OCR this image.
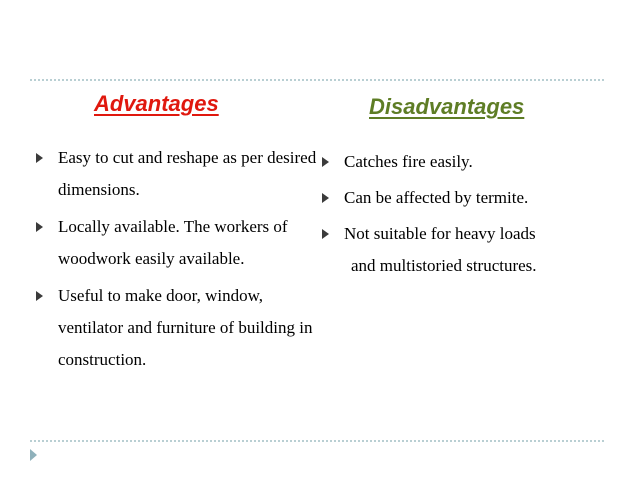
Advantages	Disadvantages
Easy to cut and reshape as per desired dimensions.
Locally available. The workers of woodwork easily available.
Useful to make door, window, ventilator and furniture of building in construction.
Catches fire easily.
Can be affected by termite.
Not suitable for heavy loads
and multistoried structures.
